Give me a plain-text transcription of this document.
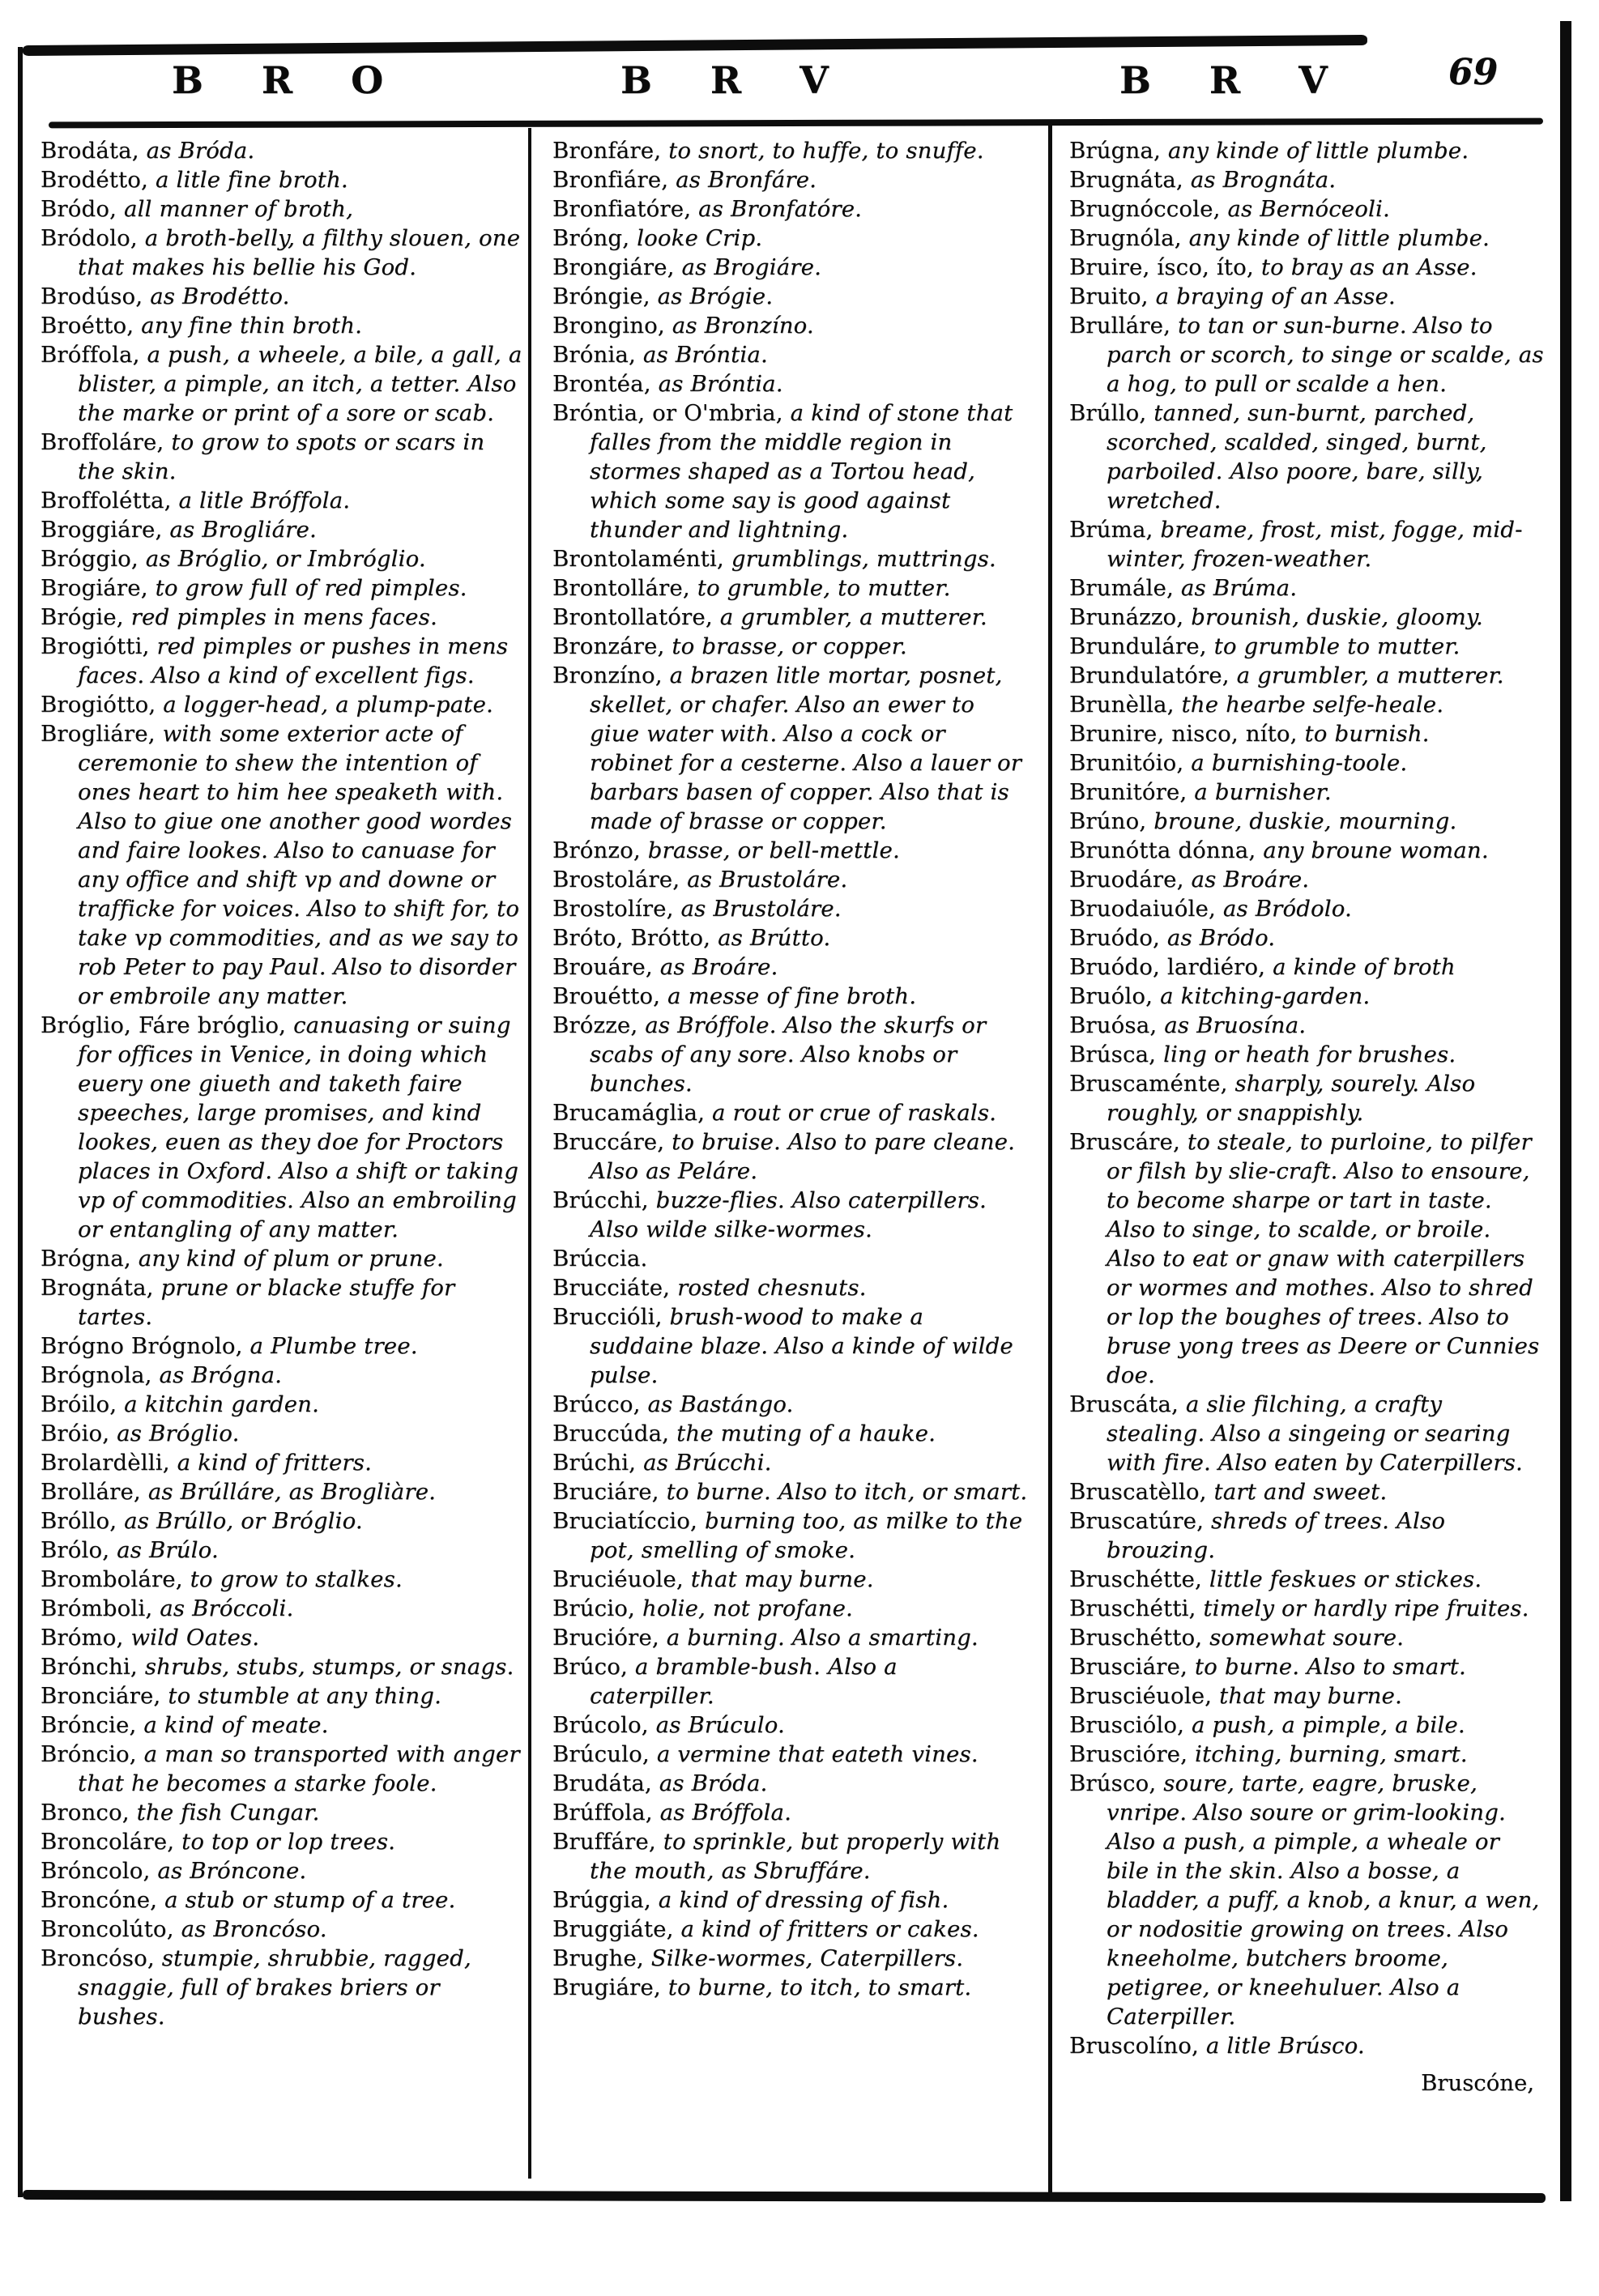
B R O	B R V	B R V	69

Brodáta, as Bróda.

Brodétto, a litle fine broth.

Bródo, all manner of broth,

Bródolo, a broth-belly, a filthy slouen, one that makes his bellie his God.

Brodúso, as Brodétto.

Broétto, any fine thin broth.

Bróffola, a push, a wheele, a bile, a gall, a blister, a pimple, an itch, a tetter. Also the marke or print of a sore or scab.

Broffoláre, to grow to spots or scars in the skin.

Broffolétta, a litle Bróffola.

Broggiáre, as Brogliáre.

Bróggio, as Bróglio, or Imbróglio.

Brogiáre, to grow full of red pimples.

Brógie, red pimples in mens faces.

Brogiótti, red pimples or pushes in mens faces. Also a kind of excellent figs.

Brogiótto, a logger-head, a plump-pate.

Brogliáre, with some exterior acte of ceremonie to shew the intention of ones heart to him hee speaketh with. Also to giue one another good wordes and faire lookes. Also to canuase for any office and shift vp and downe or trafficke for voices. Also to shift for, to take vp commodities, and as we say to rob Peter to pay Paul. Also to disorder or embroile any matter.

Bróglio, Fáre bróglio, canuasing or suing for offices in Venice, in doing which euery one giueth and taketh faire speeches, large promises, and kind lookes, euen as they doe for Proctors places in Oxford. Also a shift or taking vp of commodities. Also an embroiling or entangling of any matter.

Brógna, any kind of plum or prune.

Brognáta, prune or blacke stuffe for tartes.

Brógno Brógnolo, a Plumbe tree.

Brógnola, as Brógna.

Bróilo, a kitchin garden.

Bróio, as Bróglio.

Brolardèlli, a kind of fritters.

Brolláre, as Brúlláre, as Brogliàre.

Bróllo, as Brúllo, or Bróglio.

Brólo, as Brúlo.

Bromboláre, to grow to stalkes.

Brómboli, as Bróccoli.

Brómo, wild Oates.

Brónchi, shrubs, stubs, stumps, or snags.

Bronciáre, to stumble at any thing.

Bróncie, a kind of meate.

Bróncio, a man so transported with anger that he becomes a starke foole.

Bronco, the fish Cungar.

Broncoláre, to top or lop trees.

Bróncolo, as Bróncone.

Broncóne, a stub or stump of a tree.

Broncolúto, as Broncóso.

Broncóso, stumpie, shrubbie, ragged, snaggie, full of brakes briers or bushes.

Bronfáre, to snort, to huffe, to snuffe.

Bronfiáre, as Bronfáre.

Bronfiatóre, as Bronfatóre.

Bróng, looke Crip.

Brongiáre, as Brogiáre.

Bróngie, as Brógie.

Brongino, as Bronzíno.

Brónia, as Bróntia.

Brontéa, as Bróntia.

Bróntia, or O'mbria, a kind of stone that falles from the middle region in stormes shaped as a Tortou head, which some say is good against thunder and lightning.

Brontolaménti, grumblings, muttrings.

Brontolláre, to grumble, to mutter.

Brontollatóre, a grumbler, a mutterer.

Bronzáre, to brasse, or copper.

Bronzíno, a brazen litle mortar, posnet, skellet, or chafer. Also an ewer to giue water with. Also a cock or robinet for a cesterne. Also a lauer or barbars basen of copper. Also that is made of brasse or copper.

Brónzo, brasse, or bell-mettle.

Brostoláre, as Brustoláre.

Brostolíre, as Brustoláre.

Bróto, Brótto, as Brútto.

Brouáre, as Broáre.

Brouétto, a messe of fine broth.

Brózze, as Bróffole. Also the skurfs or scabs of any sore. Also knobs or bunches.

Brucamáglia, a rout or crue of raskals.

Bruccáre, to bruise. Also to pare cleane. Also as Peláre.

Brúcchi, buzze-flies. Also caterpillers. Also wilde silke-wormes.

Brúccia.

Brucciáte, rosted chesnuts.

Bruccióli, brush-wood to make a suddaine blaze. Also a kinde of wilde pulse.

Brúcco, as Bastángo.

Bruccúda, the muting of a hauke.

Brúchi, as Brúcchi.

Bruciáre, to burne. Also to itch, or smart.

Bruciatíccio, burning too, as milke to the pot, smelling of smoke.

Bruciéuole, that may burne.

Brúcio, holie, not profane.

Brucióre, a burning. Also a smarting.

Brúco, a bramble-bush. Also a caterpiller.

Brúcolo, as Brúculo.

Brúculo, a vermine that eateth vines.

Brudáta, as Bróda.

Brúffola, as Bróffola.

Bruffáre, to sprinkle, but properly with the mouth, as Sbruffáre.

Brúggia, a kind of dressing of fish.

Bruggiáte, a kind of fritters or cakes.

Brughe, Silke-wormes, Caterpillers.

Brugiáre, to burne, to itch, to smart.

Brúgna, any kinde of little plumbe.

Brugnáta, as Brognáta.

Brugnóccole, as Bernóceoli.

Brugnóla, any kinde of little plumbe.

Bruire, ísco, íto, to bray as an Asse.

Bruito, a braying of an Asse.

Brulláre, to tan or sun-burne. Also to parch or scorch, to singe or scalde, as a hog, to pull or scalde a hen.

Brúllo, tanned, sun-burnt, parched, scorched, scalded, singed, burnt, parboiled. Also poore, bare, silly, wretched.

Brúma, breame, frost, mist, fogge, mid-winter, frozen-weather.

Brumále, as Brúma.

Brunázzo, brounish, duskie, gloomy.

Brunduláre, to grumble to mutter.

Brundulatóre, a grumbler, a mutterer.

Brunèlla, the hearbe selfe-heale.

Brunire, nisco, níto, to burnish.

Brunitóio, a burnishing-toole.

Brunitóre, a burnisher.

Brúno, broune, duskie, mourning.

Brunótta dónna, any broune woman.

Bruodáre, as Broáre.

Bruodaiuóle, as Bródolo.

Bruódo, as Bródo.

Bruódo, lardiéro, a kinde of broth

Bruólo, a kitching-garden.

Bruósa, as Bruosína.

Brúsca, ling or heath for brushes.

Bruscaménte, sharply, sourely. Also roughly, or snappishly.

Bruscáre, to steale, to purloine, to pilfer or filsh by slie-craft. Also to ensoure, to become sharpe or tart in taste. Also to singe, to scalde, or broile. Also to eat or gnaw with caterpillers or wormes and mothes. Also to shred or lop the boughes of trees. Also to bruse yong trees as Deere or Cunnies doe.

Bruscáta, a slie filching, a crafty stealing. Also a singeing or searing with fire. Also eaten by Caterpillers.

Bruscatèllo, tart and sweet.

Bruscatúre, shreds of trees. Also brouzing.

Bruschétte, little feskues or stickes.

Bruschétti, timely or hardly ripe fruites.

Bruschétto, somewhat soure.

Brusciáre, to burne. Also to smart.

Brusciéuole, that may burne.

Brusciólo, a push, a pimple, a bile.

Bruscióre, itching, burning, smart.

Brúsco, soure, tarte, eagre, bruske, vnripe. Also soure or grim-looking. Also a push, a pimple, a wheale or bile in the skin. Also a bosse, a bladder, a puff, a knob, a knur, a wen, or nodositie growing on trees. Also kneeholme, butchers broome, petigree, or kneehuluer. Also a Caterpiller.

Bruscolíno, a litle Brúsco.

Bruscóne,
